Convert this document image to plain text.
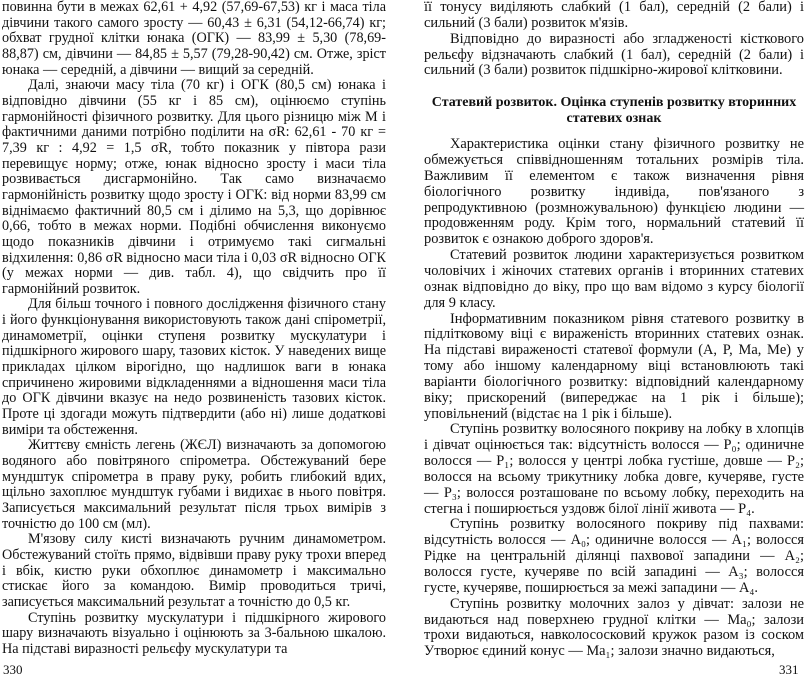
повинна бути в межах 62,61 + 4,92 (57,69-67,53) кг і маса тіла дівчини такого самого зросту — 60,43 ± 6,31 (54,12-66,74) кг; обхват грудної клітки юнака (ОГК) — 83,99 ± 5,30 (78,69-88,87) см, дівчини — 84,85 ± 5,57 (79,28-90,42) см. Отже, зріст юнака — середній, а дівчини — вищий за середній.

Далі, знаючи масу тіла (70 кг) і ОГК (80,5 см) юнака і відповідно дівчини (55 кг і 85 см), оцінюємо ступінь гармонійності фізичного розвитку. Для цього різницю між M і фактичними даними потрібно поділити на σR: 62,61 - 70 кг = 7,39 кг : 4,92 = 1,5 σR, тобто показник у півтора рази перевищує норму; отже, юнак відносно зросту і маси тіла розвивається дисгармонійно. Так само визначаємо гармонійність розвитку щодо зросту і ОГК: від норми 83,99 см віднімаємо фактичний 80,5 см і ділимо на 5,3, що дорівнює 0,66, тобто в межах норми. Подібні обчислення виконуємо щодо показників дівчини і отримуємо такі сигмальні відхилення: 0,86 σR відносно маси тіла і 0,03 σR відносно ОГК (у межах норми — див. табл. 4), що свідчить про її гармонійний розвиток.

Для більш точного і повного дослідження фізичного стану і його функціонування використовують також дані спірометрії, динамометрії, оцінки ступеня розвитку мускулатури і підшкірного жирового шару, тазових кісток. У наведених вище прикладах цілком вірогідно, що надлишок ваги в юнака спричинено жировими відкладеннями а відношення маси тіла до ОГК дівчини вказує на недо розвиненість тазових кісток. Проте ці здогади можуть підтвердити (або ні) лише додаткові виміри та обстеження.

Життєву ємність легень (ЖЄЛ) визначають за допомогою водяного або повітряного спірометра. Обстежуваний бере мундштук спірометра в праву руку, робить глибокий вдих, щільно захоплює мундштук губами і видихає в нього повітря. Записується максимальний результат після трьох вимірів з точністю до 100 см (мл).

М'язову силу кисті визначають ручним динамометром. Обстежуваний стоїть прямо, відвівши праву руку трохи вперед і вбік, кистю руки обхоплює динамометр і максимально стискає його за командою. Вимір проводиться тричі, записується максимальний результат а точністю до 0,5 кг.

Ступінь розвитку мускулатури і підшкірного жирового шару визначають візуально і оцінюють за 3-бальною шкалою. На підставі виразності рельєфу мускулатури та

330

її тонусу виділяють слабкий (1 бал), середній (2 бали) і сильний (3 бали) розвиток м'язів.

Відповідно до виразності або згладженості кісткового рельєфу відзначають слабкий (1 бал), середній (2 бали) і сильний (3 бали) розвиток підшкірно-жирової клітковини.

Статевий розвиток. Оцінка ступенів розвитку вторинних статевих ознак

Характеристика оцінки стану фізичного розвитку не обмежується співвідношенням тотальних розмірів тіла. Важливим її елементом є також визначення рівня біологічного розвитку індивіда, пов'язаного з репродуктивною (розмножувальною) функцією людини — продовженням роду. Крім того, нормальний статевий її розвиток є ознакою доброго здоров'я.

Статевий розвиток людини характеризується розвитком чоловічих і жіночих статевих органів і вторинних статевих ознак відповідно до віку, про що вам відомо з курсу біології для 9 класу.

Інформативним показником рівня статевого розвитку в підлітковому віці є вираженість вторинних статевих ознак. На підставі вираженості статевої формули (A, P, Ma, Me) у тому або іншому календарному віці встановлюють такі варіанти біологічного розвитку: відповідний календарному віку; прискорений (випереджає на 1 рік і більше); уповільнений (відстає на 1 рік і більше).

Ступінь розвитку волосяного покриву на лобку в хлопців і дівчат оцінюється так: відсутність волосся — P₀; одиничне волосся — P₁; волосся у центрі лобка густіше, довше — P₂; волосся на всьому трикутнику лобка довге, кучеряве, густе — P₃; волосся розташоване по всьому лобку, переходить на стегна і поширюється уздовж білої лінії живота — P₄.

Ступінь розвитку волосяного покриву під пахвами: відсутність волосся — A₀; одиничне волосся — A₁; волосся Рідке на центральній ділянці пахвової западини — A₂; волосся густе, кучеряве по всій западині — A₃; волосся густе, кучеряве, поширюється за межі западини — A₄.

Ступінь розвитку молочних залоз у дівчат: залози не видаються над поверхнею грудної клітки — Ma₀; залози трохи видаються, навколососковий кружок разом із соском Утворює єдиний конус — Ma₁; залози значно видаються,

331
